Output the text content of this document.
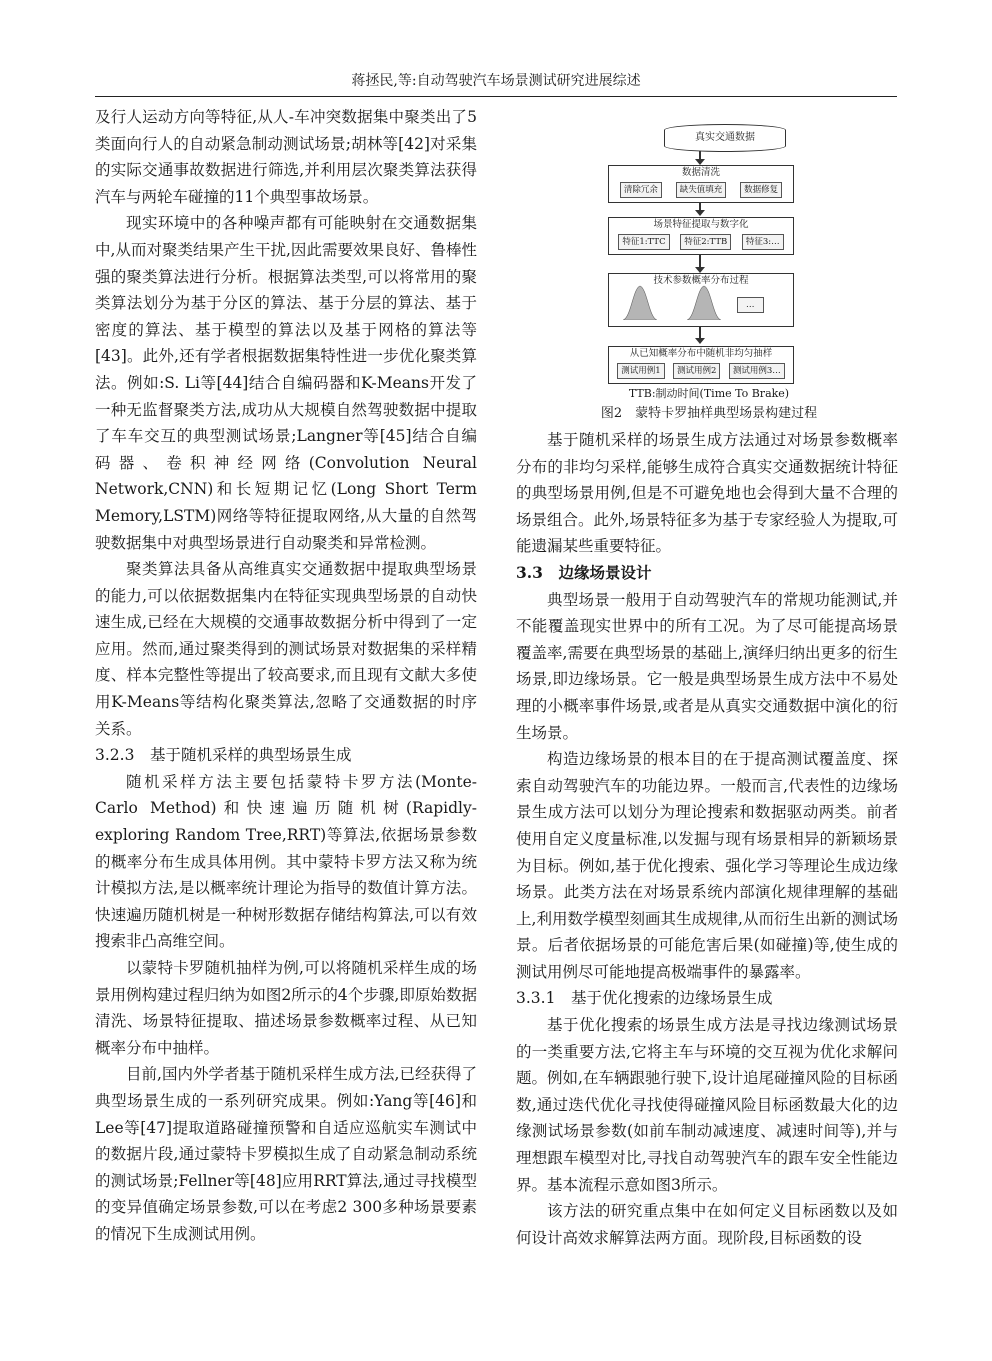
蒋拯民,等:自动驾驶汽车场景测试研究进展综述

及行人运动方向等特征,从人-车冲突数据集中聚类出了5类面向行人的自动紧急制动测试场景;胡林等[42]对采集的实际交通事故数据进行筛选,并利用层次聚类算法获得汽车与两轮车碰撞的11个典型事故场景。

现实环境中的各种噪声都有可能映射在交通数据集中,从而对聚类结果产生干扰,因此需要效果良好、鲁棒性强的聚类算法进行分析。根据算法类型,可以将常用的聚类算法划分为基于分区的算法、基于分层的算法、基于密度的算法、基于模型的算法以及基于网格的算法等[43]。此外,还有学者根据数据集特性进一步优化聚类算法。例如:S. Li等[44]结合自编码器和K-Means开发了一种无监督聚类方法,成功从大规模自然驾驶数据中提取了车车交互的典型测试场景;Langner等[45]结合自编码器、卷积神经网络(Convolution Neural Network,CNN)和长短期记忆(Long Short Term Memory,LSTM)网络等特征提取网络,从大量的自然驾驶数据集中对典型场景进行自动聚类和异常检测。

聚类算法具备从高维真实交通数据中提取典型场景的能力,可以依据数据集内在特征实现典型场景的自动快速生成,已经在大规模的交通事故数据分析中得到了一定应用。然而,通过聚类得到的测试场景对数据集的采样精度、样本完整性等提出了较高要求,而且现有文献大多使用K-Means等结构化聚类算法,忽略了交通数据的时序关系。

3.2.3　基于随机采样的典型场景生成

随机采样方法主要包括蒙特卡罗方法(Monte-Carlo Method)和快速遍历随机树(Rapidly-exploring Random Tree,RRT)等算法,依据场景参数的概率分布生成具体用例。其中蒙特卡罗方法又称为统计模拟方法,是以概率统计理论为指导的数值计算方法。快速遍历随机树是一种树形数据存储结构算法,可以有效搜索非凸高维空间。

以蒙特卡罗随机抽样为例,可以将随机采样生成的场景用例构建过程归纳为如图2所示的4个步骤,即原始数据清洗、场景特征提取、描述场景参数概率过程、从已知概率分布中抽样。

目前,国内外学者基于随机采样生成方法,已经获得了典型场景生成的一系列研究成果。例如:Yang等[46]和Lee等[47]提取道路碰撞预警和自适应巡航实车测试中的数据片段,通过蒙特卡罗模拟生成了自动紧急制动系统的测试场景;Fellner等[48]应用RRT算法,通过寻找模型的变异值确定场景参数,可以在考虑2 300多种场景要素的情况下生成测试用例。

真实交通数据
数据清洗
清除冗余	缺失值填充	数据修复
场景特征提取与数字化
特征1:TTC	特征2:TTB	特征3:…
技术参数概率分布过程
…
从已知概率分布中随机非均匀抽样
测试用例1	测试用例2	测试用例3…
TTB:制动时间(Time To Brake)
图2　蒙特卡罗抽样典型场景构建过程

基于随机采样的场景生成方法通过对场景参数概率分布的非均匀采样,能够生成符合真实交通数据统计特征的典型场景用例,但是不可避免地也会得到大量不合理的场景组合。此外,场景特征多为基于专家经验人为提取,可能遗漏某些重要特征。

3.3　边缘场景设计

典型场景一般用于自动驾驶汽车的常规功能测试,并不能覆盖现实世界中的所有工况。为了尽可能提高场景覆盖率,需要在典型场景的基础上,演绎归纳出更多的衍生场景,即边缘场景。它一般是典型场景生成方法中不易处理的小概率事件场景,或者是从真实交通数据中演化的衍生场景。

构造边缘场景的根本目的在于提高测试覆盖度、探索自动驾驶汽车的功能边界。一般而言,代表性的边缘场景生成方法可以划分为理论搜索和数据驱动两类。前者使用自定义度量标准,以发掘与现有场景相异的新颖场景为目标。例如,基于优化搜索、强化学习等理论生成边缘场景。此类方法在对场景系统内部演化规律理解的基础上,利用数学模型刻画其生成规律,从而衍生出新的测试场景。后者依据场景的可能危害后果(如碰撞)等,使生成的测试用例尽可能地提高极端事件的暴露率。

3.3.1　基于优化搜索的边缘场景生成

基于优化搜索的场景生成方法是寻找边缘测试场景的一类重要方法,它将主车与环境的交互视为优化求解问题。例如,在车辆跟驰行驶下,设计追尾碰撞风险的目标函数,通过迭代优化寻找使得碰撞风险目标函数最大化的边缘测试场景参数(如前车制动减速度、减速时间等),并与理想跟车模型对比,寻找自动驾驶汽车的跟车安全性能边界。基本流程示意如图3所示。

该方法的研究重点集中在如何定义目标函数以及如何设计高效求解算法两方面。现阶段,目标函数的设
